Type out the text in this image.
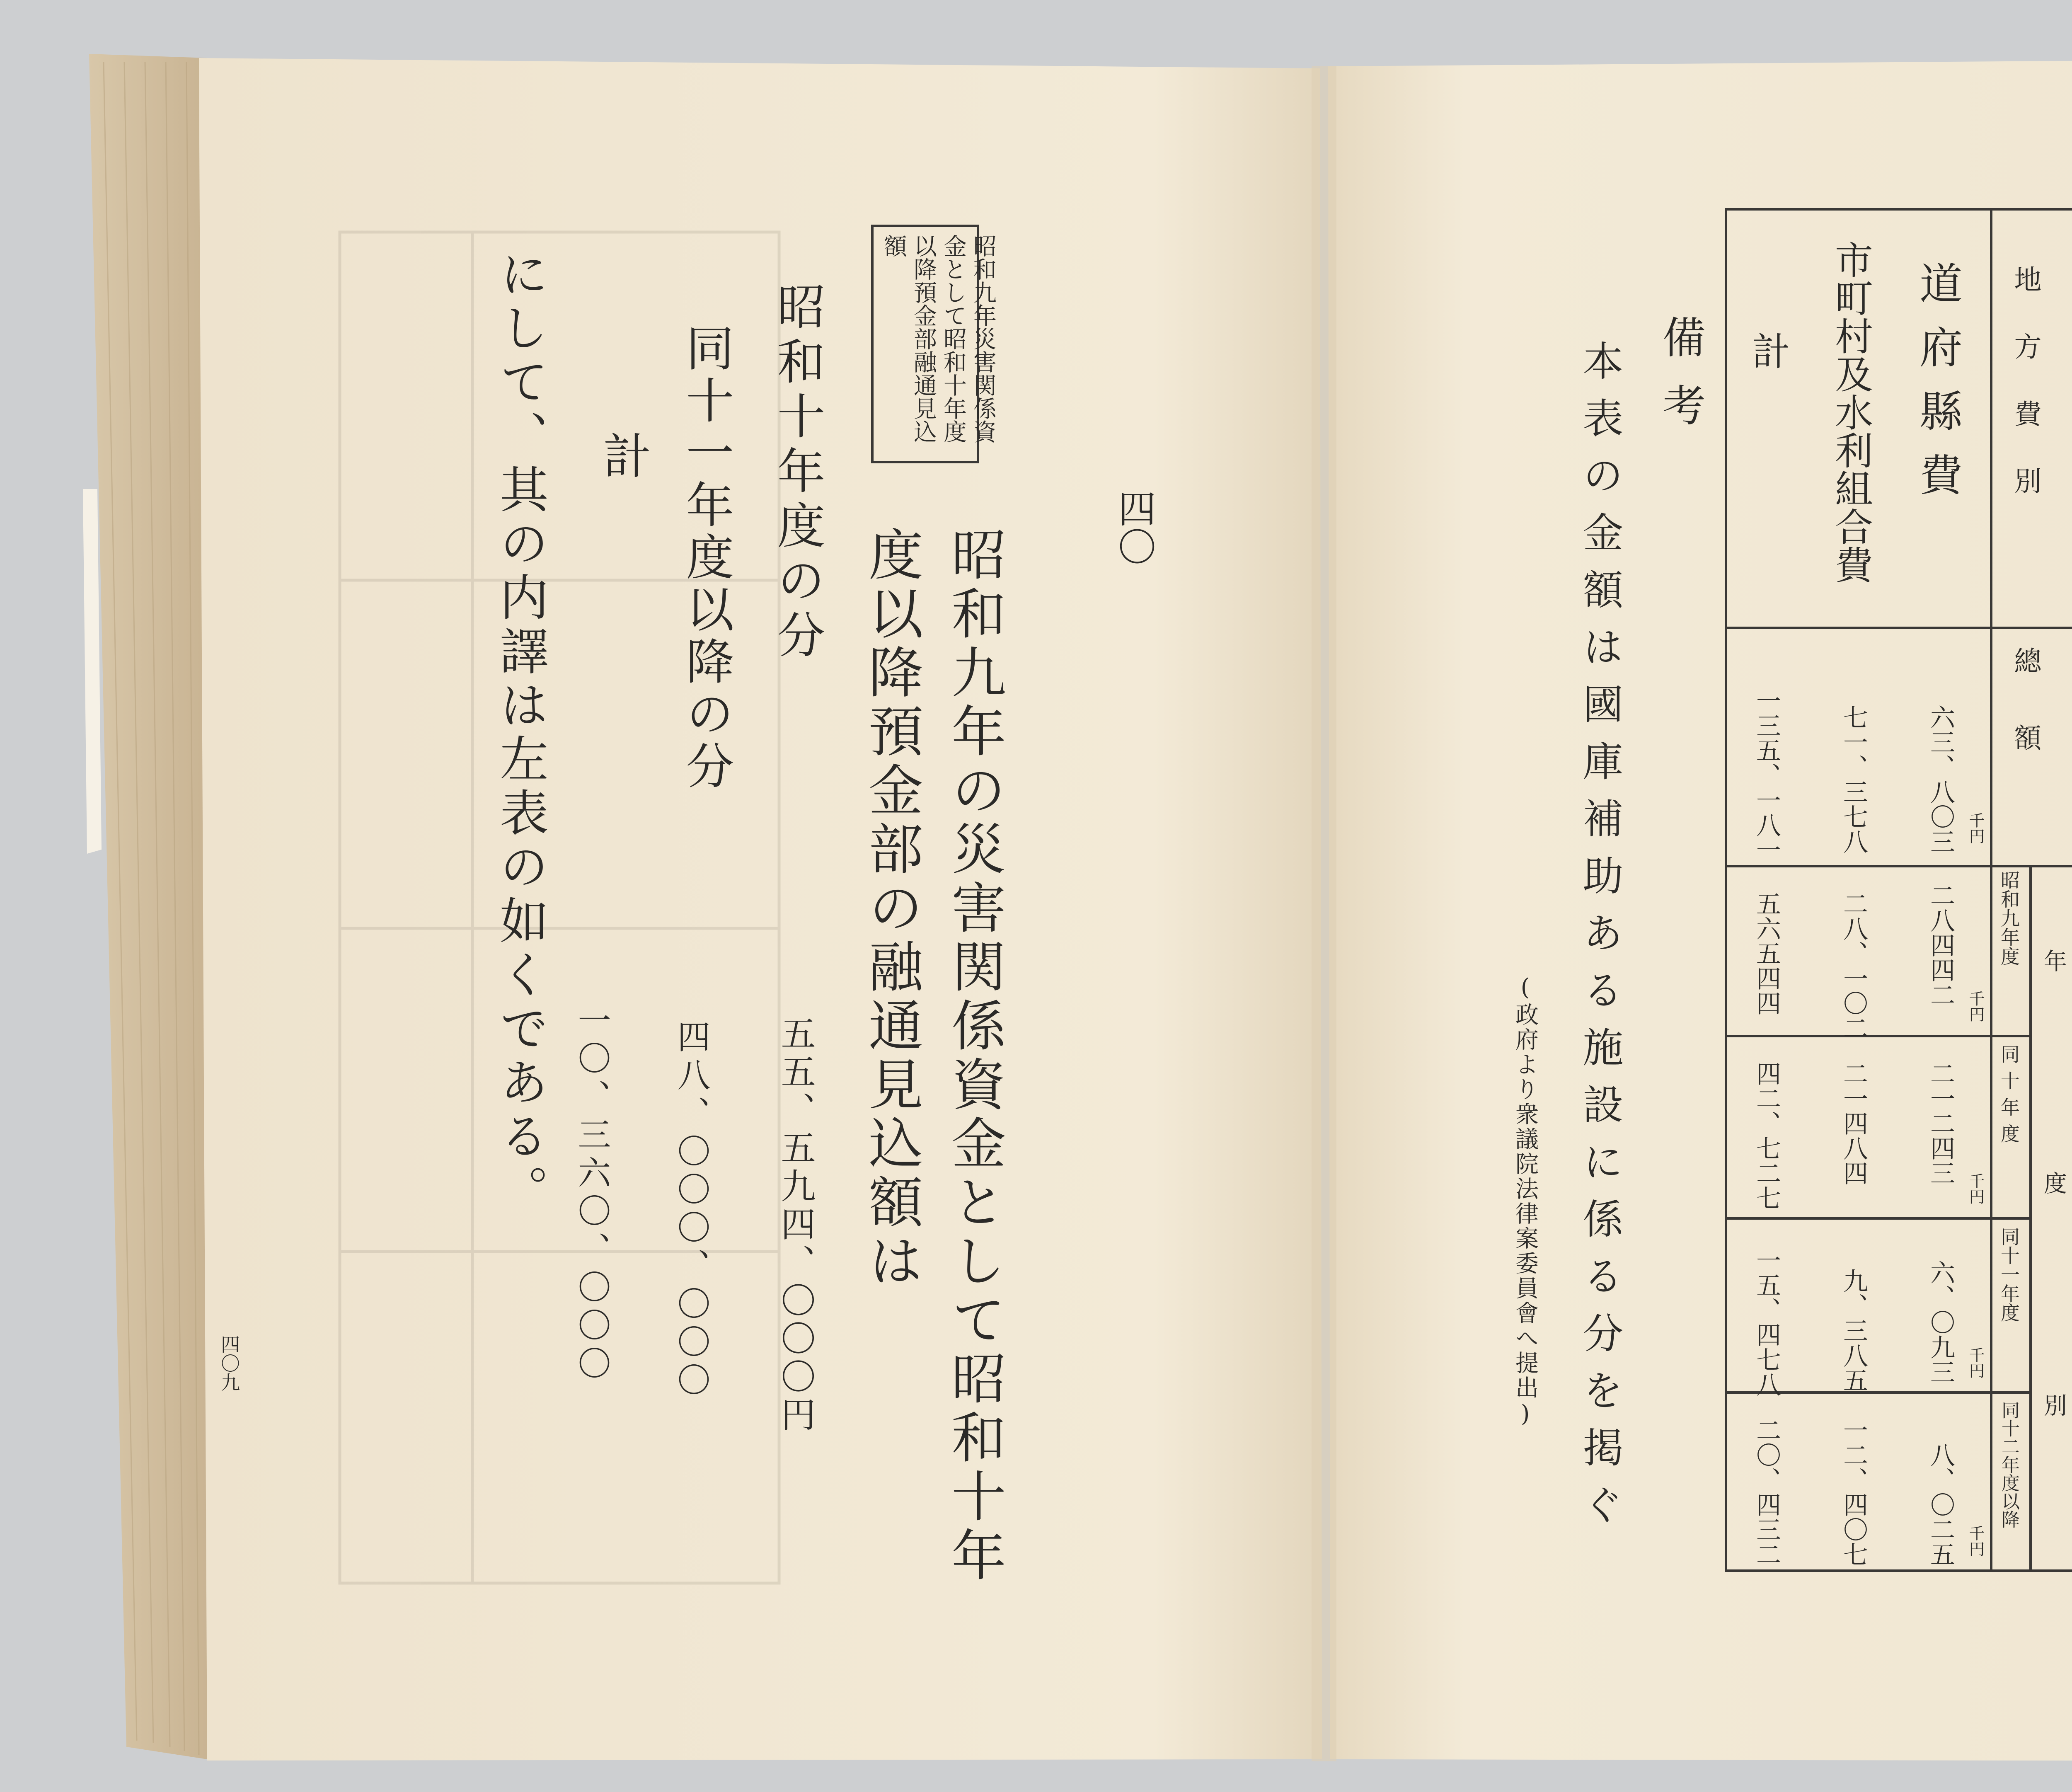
四〇
昭和九年災害関係資金として昭和十年度以降預金部融通見込額
昭和九年の災害関係資金として昭和十年度以降預金部の融通見込額は
五五、五九四、〇〇〇円
昭和十年度の分
四八、〇〇〇、〇〇〇
同十一年度以降の分
一〇、三六〇、〇〇〇
計
にして、其の内譯は左表の如くである。
四〇九
地方費別
總額
年度別
昭和九年度
同十年度
同十一年度
同十二年度以降
道府縣費
市町村及水利組合費
計
千円
千円
千円
千円
千円
六三、八〇三
二八四四二
二一二四三
六、〇九三
八、〇二五
七一、三七八
二八、一〇二
二一四八四
九、三八五
一二、四〇七
一三五、一八一
五六五四四
四二、七二七
一五、四七八
二〇、四三二
備考
本表の金額は國庫補助ある施設に係る分を掲ぐ
(政府より衆議院法律案委員會へ提出)
